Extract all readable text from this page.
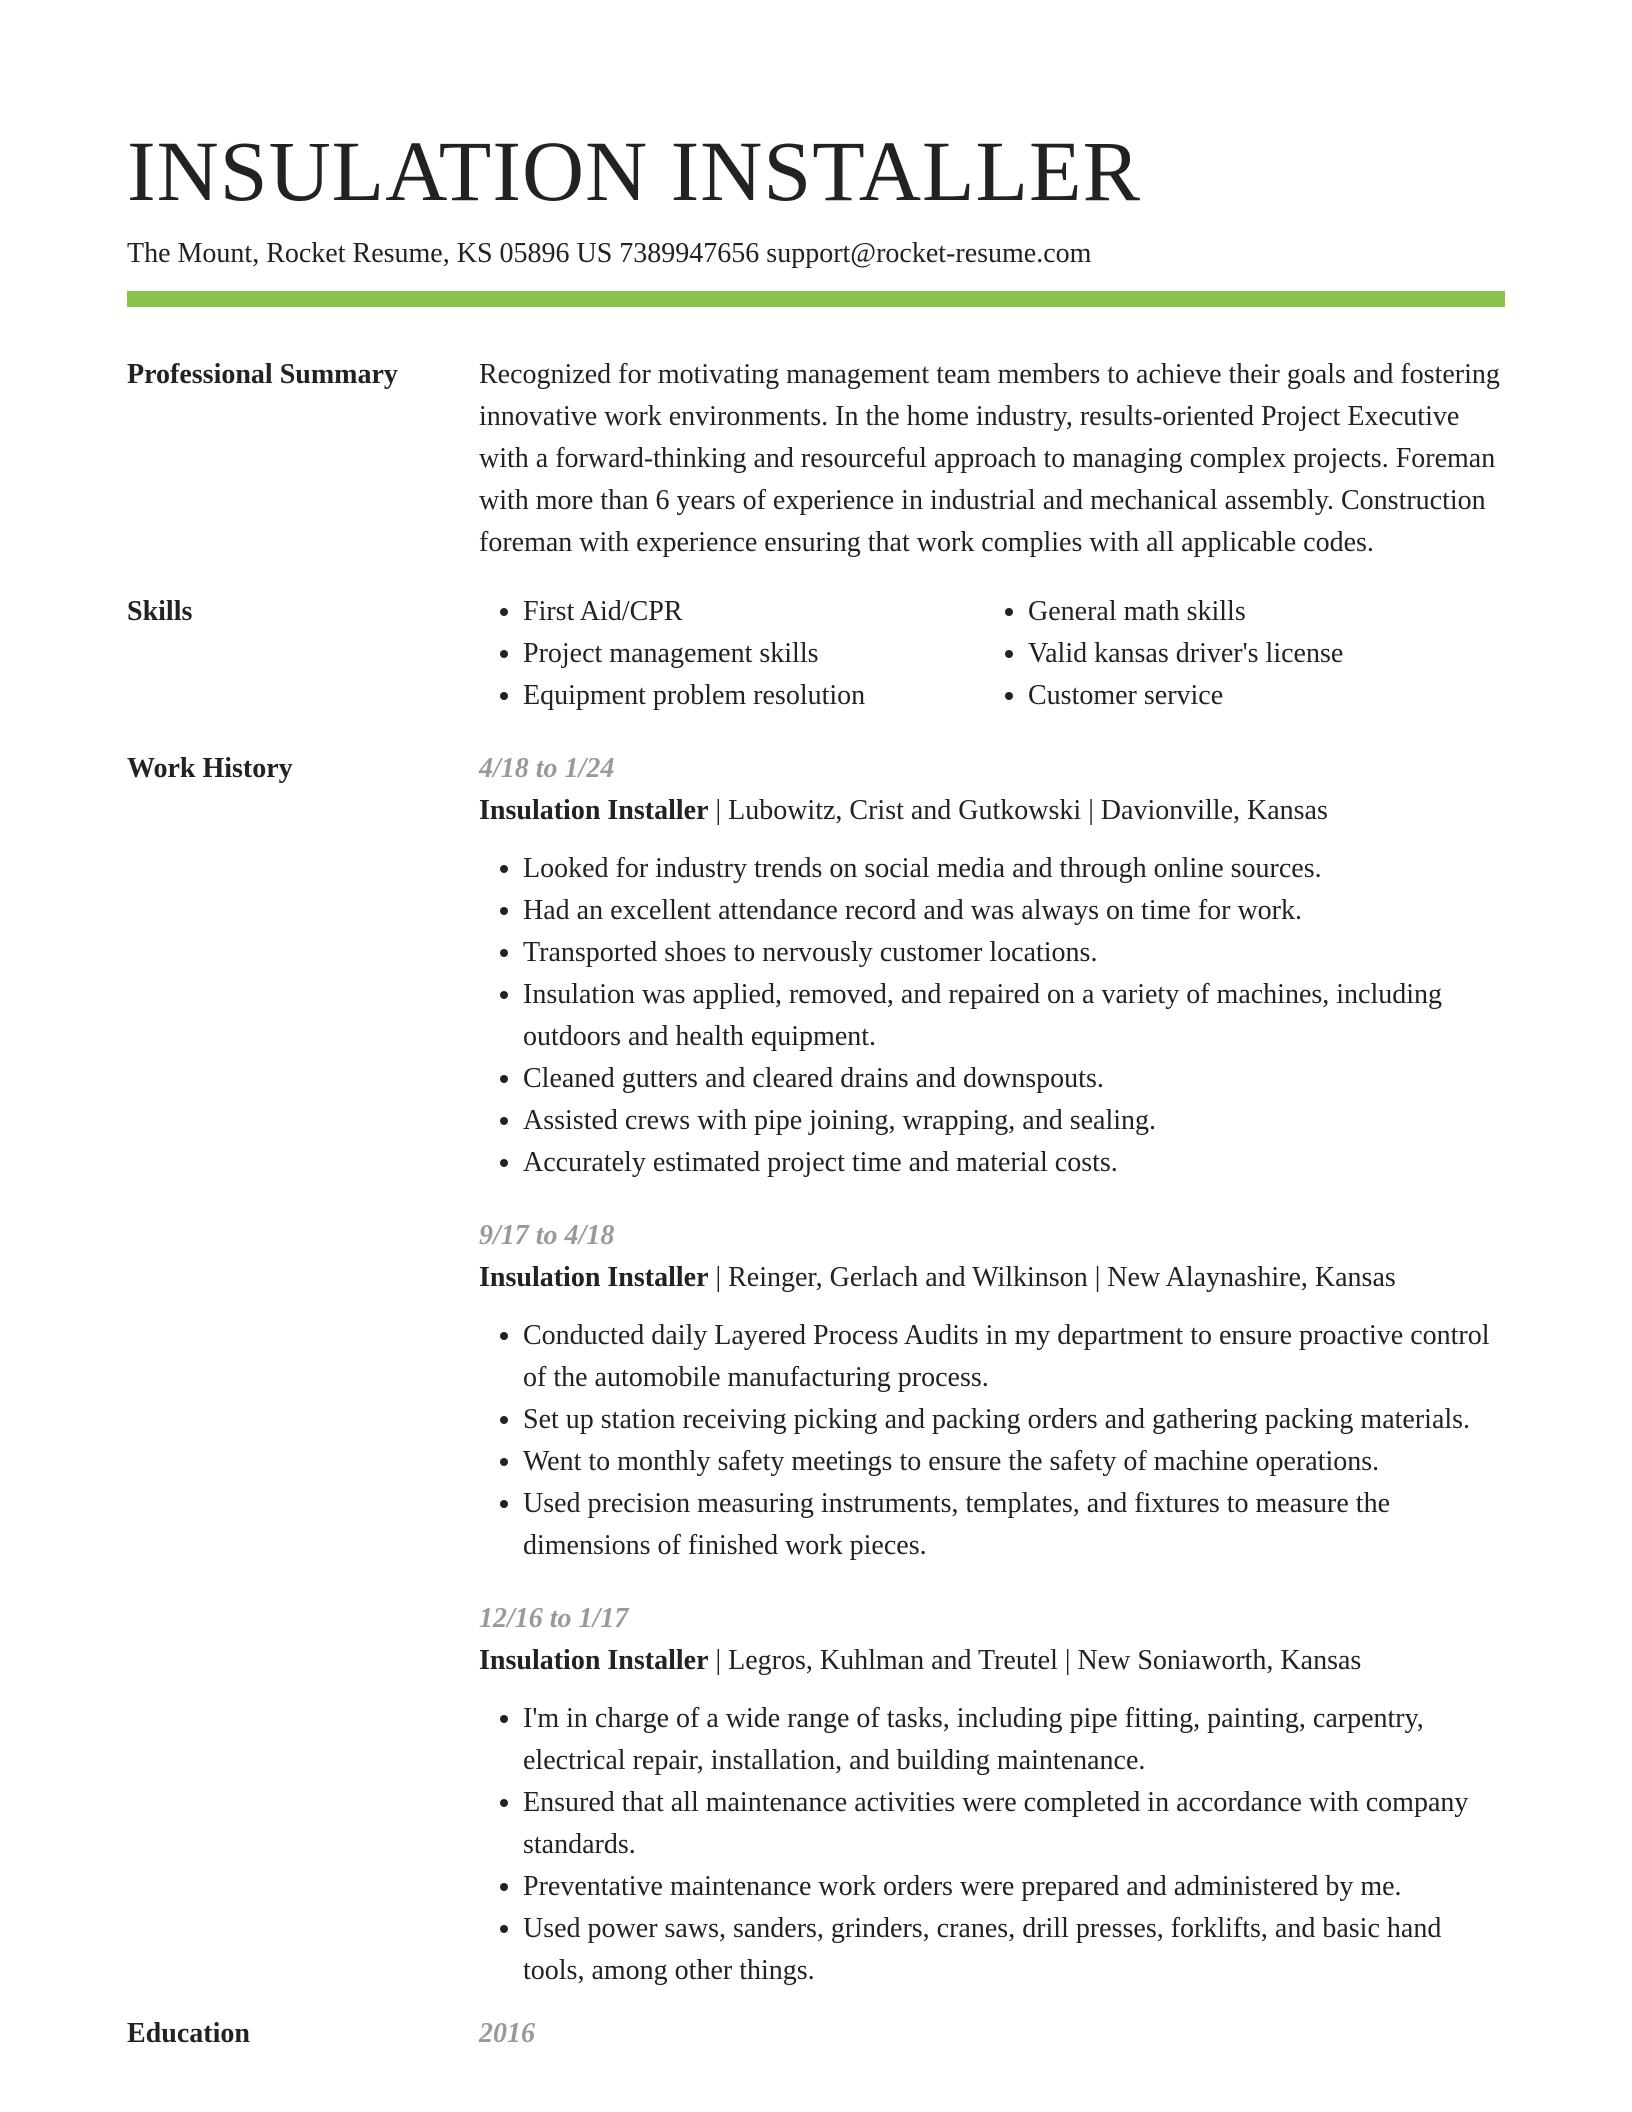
INSULATION INSTALLER
The Mount, Rocket Resume, KS 05896 US 7389947656 support@rocket-resume.com
Professional Summary	Recognized for motivating management team members to achieve their goals and fostering innovative work environments. In the home industry, results-oriented Project Executive with a forward-thinking and resourceful approach to managing complex projects. Foreman with more than 6 years of experience in industrial and mechanical assembly. Construction foreman with experience ensuring that work complies with all applicable codes.
Skills
•	First Aid/CPR
• Project management skills
• Equipment problem resolution
• General math skills
• Valid kansas driver's license
• Customer service
Work History	4/18 to 1/24
Insulation Installer | Lubowitz, Crist and Gutkowski | Davionville, Kansas
• Looked for industry trends on social media and through online sources.
• Had an excellent attendance record and was always on time for work.
• Transported shoes to nervously customer locations.
• Insulation was applied, removed, and repaired on a variety of machines, including outdoors and health equipment.
• Cleaned gutters and cleared drains and downspouts.
• Assisted crews with pipe joining, wrapping, and sealing.
• Accurately estimated project time and material costs.
9/17 to 4/18
Insulation Installer | Reinger, Gerlach and Wilkinson | New Alaynashire, Kansas
• Conducted daily Layered Process Audits in my department to ensure proactive control of the automobile manufacturing process.
• Set up station receiving picking and packing orders and gathering packing materials.
• Went to monthly safety meetings to ensure the safety of machine operations.
• Used precision measuring instruments, templates, and fixtures to measure the dimensions of finished work pieces.
12/16 to 1/17
Insulation Installer | Legros, Kuhlman and Treutel | New Soniaworth, Kansas
• I'm in charge of a wide range of tasks, including pipe fitting, painting, carpentry, electrical repair, installation, and building maintenance.
• Ensured that all maintenance activities were completed in accordance with company standards.
• Preventative maintenance work orders were prepared and administered by me.
• Used power saws, sanders, grinders, cranes, drill presses, forklifts, and basic hand tools, among other things.
Education	2016
